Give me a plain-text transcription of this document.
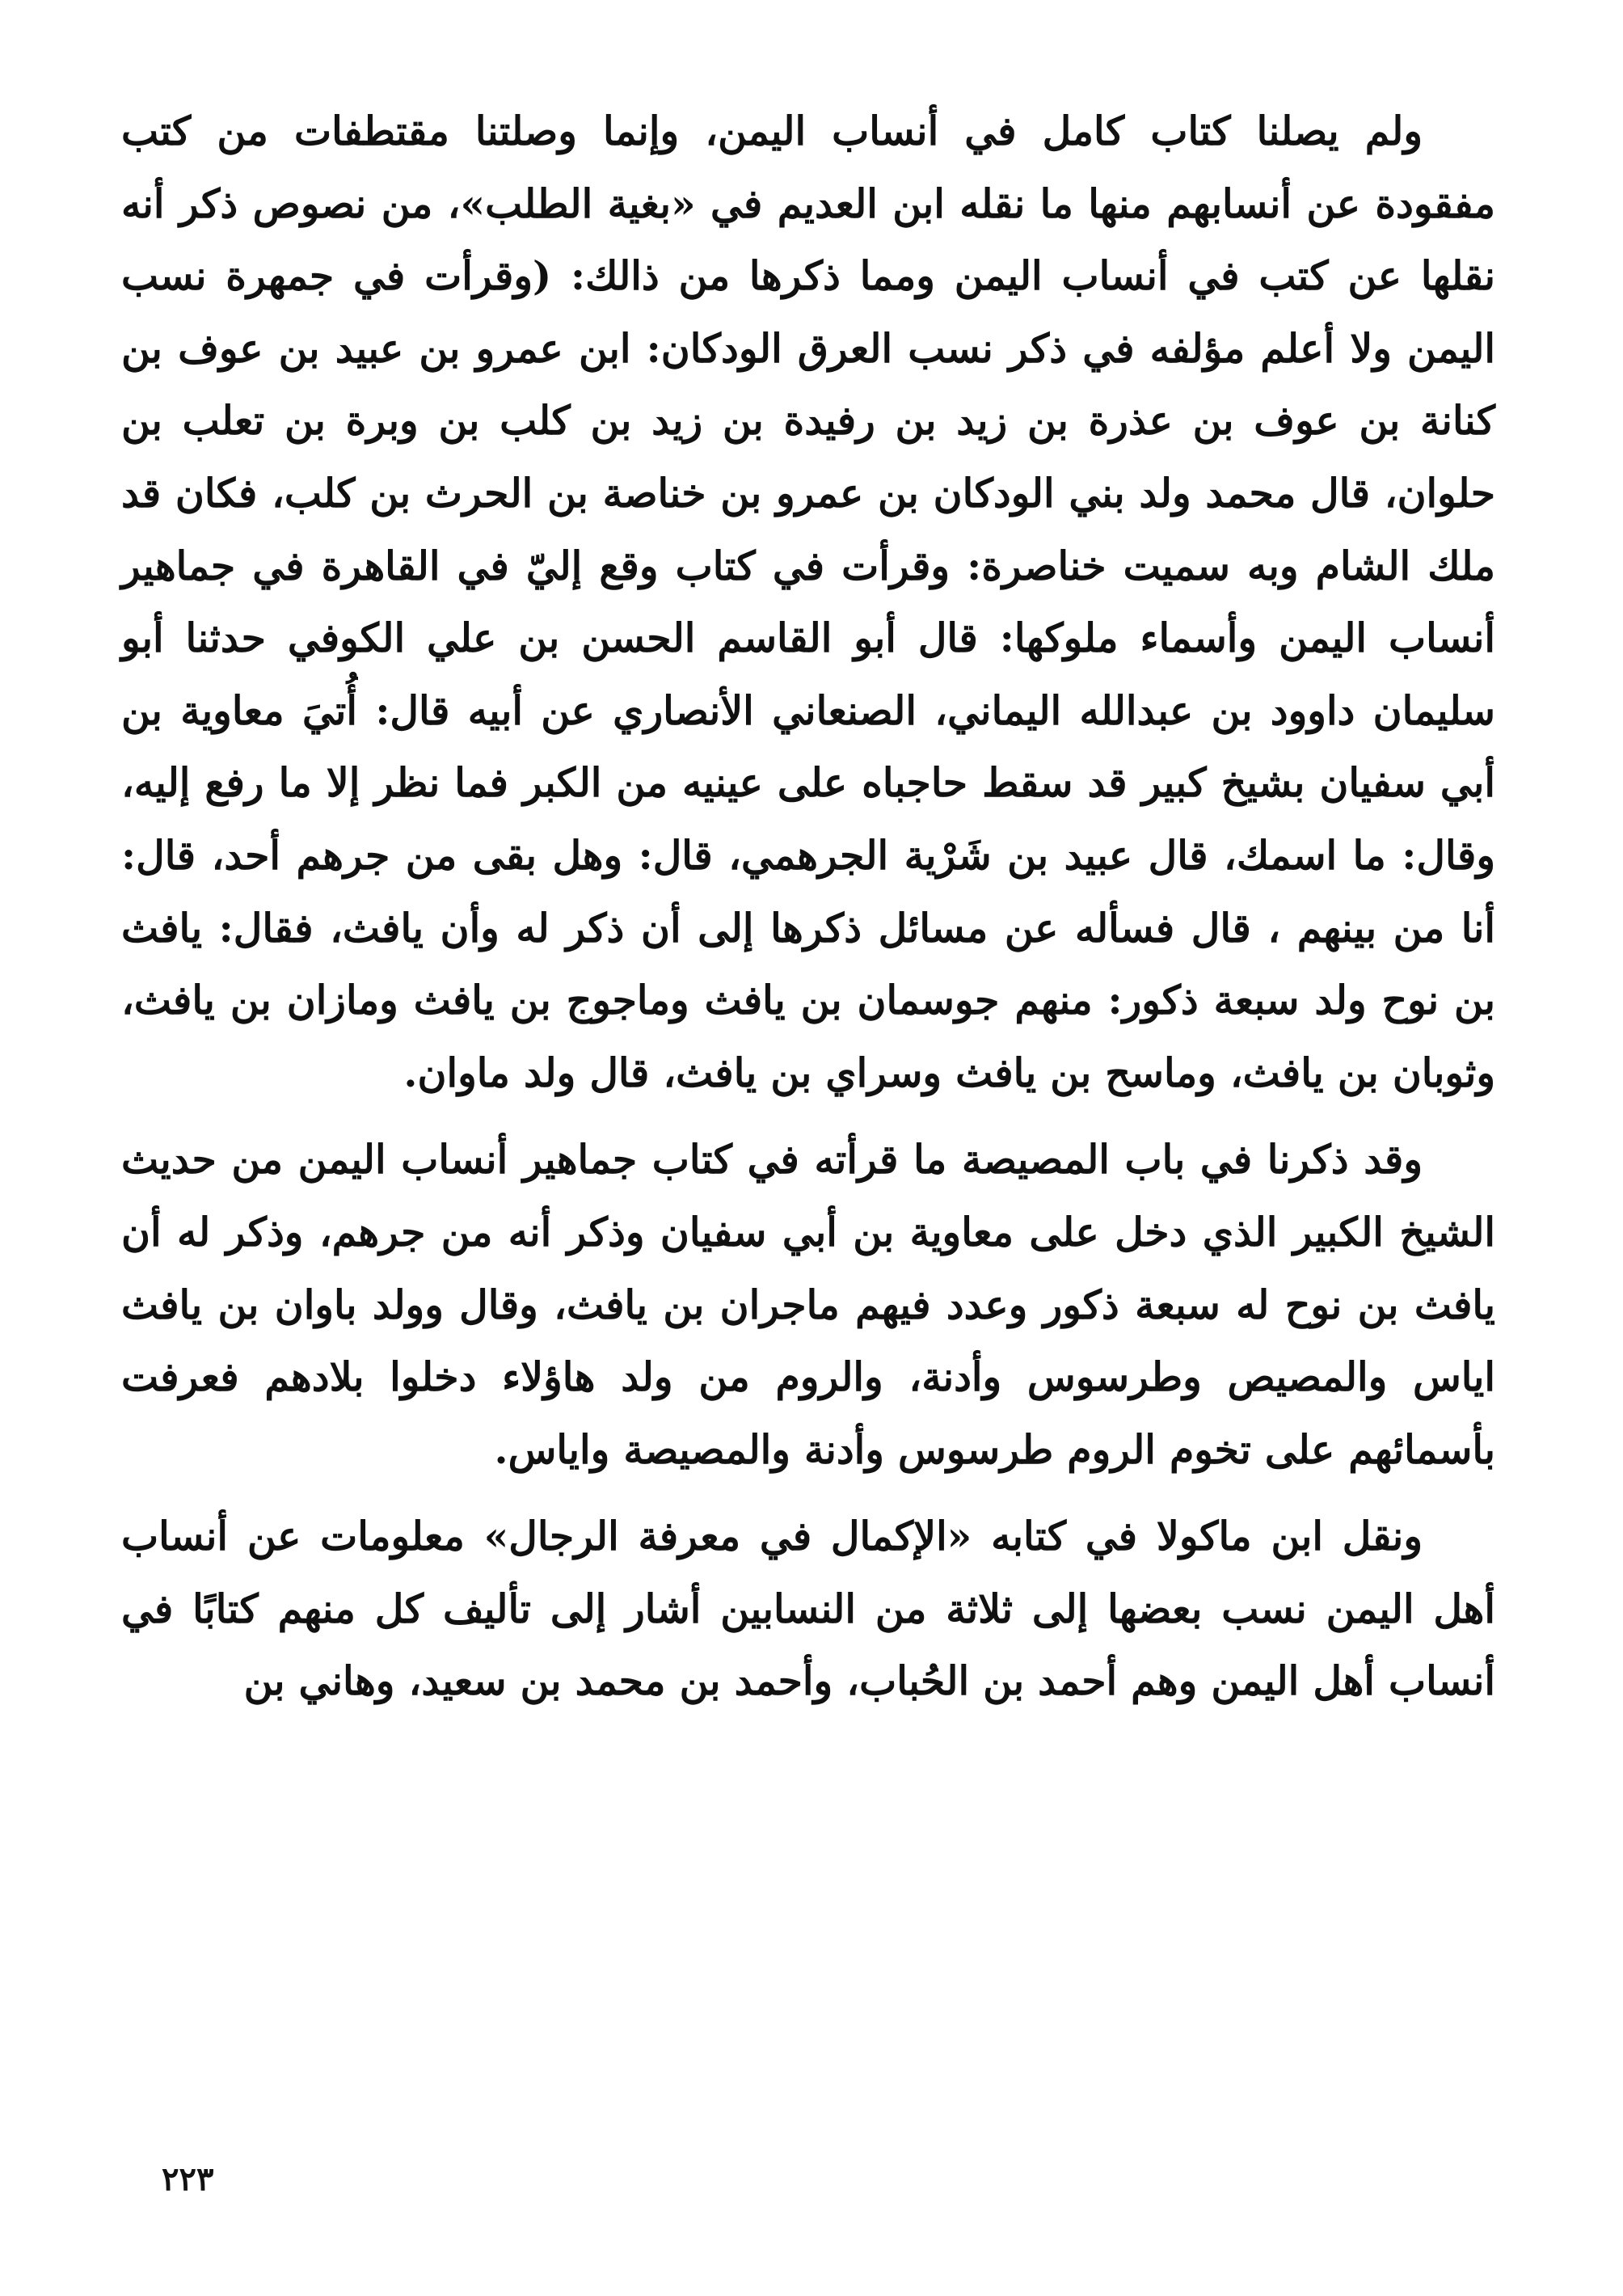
ولم يصلنا كتاب كامل في أنساب اليمن، وإنما وصلتنا مقتطفات من كتب مفقودة عن أنسابهم منها ما نقله ابن العديم في «بغية الطلب»، من نصوص ذكر أنه نقلها عن كتب في أنساب اليمن ومما ذكرها من ذالك: (وقرأت في جمهرة نسب اليمن ولا أعلم مؤلفه في ذكر نسب العرق الودكان: ابن عمرو بن عبيد بن عوف بن كنانة بن عوف بن عذرة بن زيد بن رفيدة بن زيد بن كلب بن وبرة بن تعلب بن حلوان، قال محمد ولد بني الودكان بن عمرو بن خناصة بن الحرث بن كلب، فكان قد ملك الشام وبه سميت خناصرة: وقرأت في كتاب وقع إليّ في القاهرة في جماهير أنساب اليمن وأسماء ملوكها: قال أبو القاسم الحسن بن علي الكوفي حدثنا أبو سليمان داوود بن عبدالله اليماني، الصنعاني الأنصاري عن أبيه قال: أُتيَ معاوية بن أبي سفيان بشيخ كبير قد سقط حاجباه على عينيه من الكبر فما نظر إلا ما رفع إليه، وقال: ما اسمك، قال عبيد بن شَرْية الجرهمي، قال: وهل بقى من جرهم أحد، قال: أنا من بينهم ، قال فسأله عن مسائل ذكرها إلى أن ذكر له وأن يافث، فقال: يافث بن نوح ولد سبعة ذكور: منهم جوسمان بن يافث وماجوج بن يافث ومازان بن يافث، وثوبان بن يافث، وماسح بن يافث وسراي بن يافث، قال ولد ماوان.

وقد ذكرنا في باب المصيصة ما قرأته في كتاب جماهير أنساب اليمن من حديث الشيخ الكبير الذي دخل على معاوية بن أبي سفيان وذكر أنه من جرهم، وذكر له أن يافث بن نوح له سبعة ذكور وعدد فيهم ماجران بن يافث، وقال وولد باوان بن يافث اياس والمصيص وطرسوس وأدنة، والروم من ولد هاؤلاء دخلوا بلادهم فعرفت بأسمائهم على تخوم الروم طرسوس وأدنة والمصيصة واياس.

ونقل ابن ماكولا في كتابه «الإكمال في معرفة الرجال» معلومات عن أنساب أهل اليمن نسب بعضها إلى ثلاثة من النسابين أشار إلى تأليف كل منهم كتابًا في أنساب أهل اليمن وهم أحمد بن الحُباب، وأحمد بن محمد بن سعيد، وهاني بن

٢٢٣
